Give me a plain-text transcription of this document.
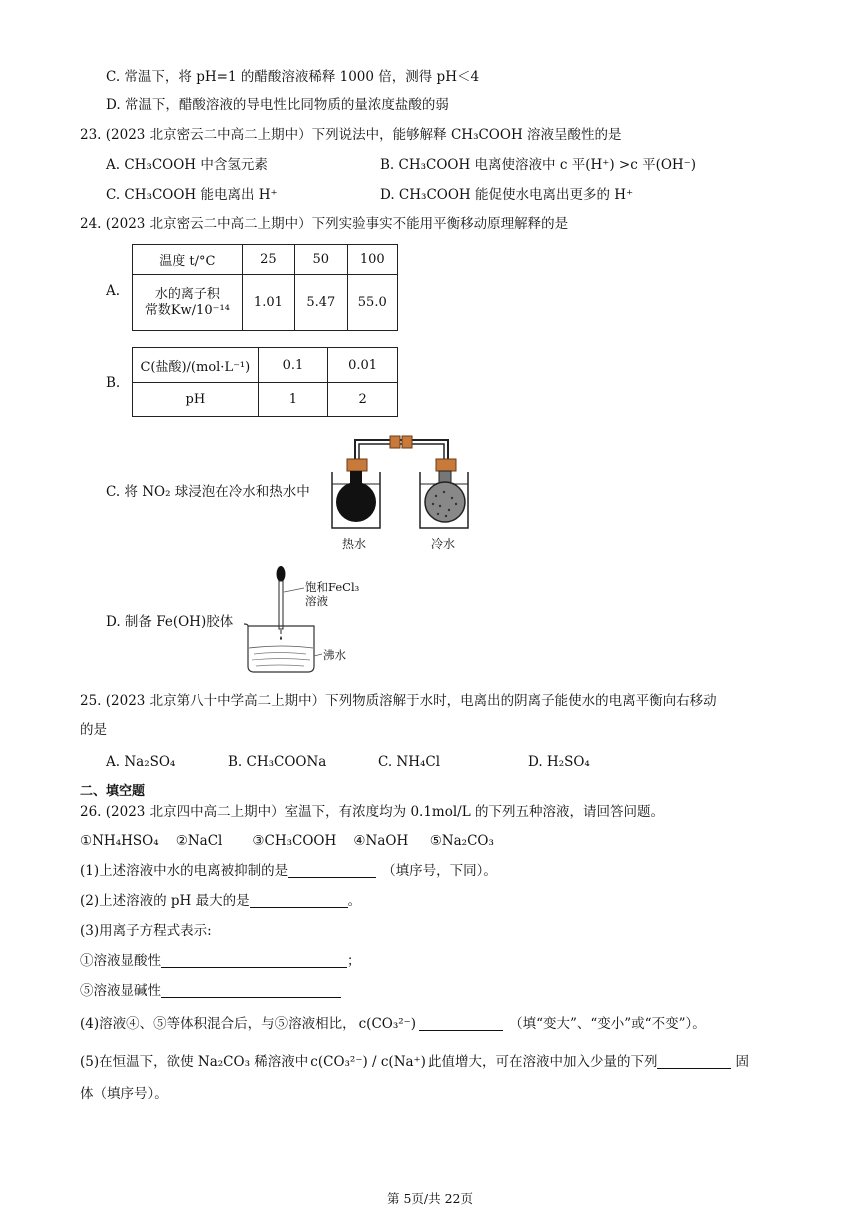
C. 常温下，将 pH=1 的醋酸溶液稀释 1000 倍，测得 pH＜4
D. 常温下，醋酸溶液的导电性比同物质的量浓度盐酸的弱
23. (2023 北京密云二中高二上期中）下列说法中，能够解释 CH₃COOH 溶液呈酸性的是
A. CH₃COOH 中含氢元素	B. CH₃COOH 电离使溶液中 c 平(H⁺) >c 平(OH⁻)
C. CH₃COOH 能电离出 H⁺	D. CH₃COOH 能促使水电离出更多的 H⁺
24. (2023 北京密云二中高二上期中）下列实验事实不能用平衡移动原理解释的是
A.
温度 t/°C	25	50	100

水的离子积
常数Kw/10⁻¹⁴	1.01	5.47	55.0
B.
C(盐酸)/(mol·L⁻¹)	0.1	0.01
pH	1	2
C. 将 NO₂ 球浸泡在冷水和热水中
热水	冷水
D. 制备 Fe(OH)胶体
饱和FeCl₃
溶液
沸水
25. (2023 北京第八十中学高二上期中）下列物质溶解于水时，电离出的阴离子能使水的电离平衡向右移动
的是
A. Na₂SO₄	B. CH₃COONa	C. NH₄Cl	D. H₂SO₄
二、填空题
26. (2023 北京四中高二上期中）室温下，有浓度均为 0.1mol/L 的下列五种溶液，请回答问题。
①NH₄HSO₄    ②NaCl       ③CH₃COOH    ④NaOH     ⑤Na₂CO₃
(1)上述溶液中水的电离被抑制的是	（填序号，下同）。
(2)上述溶液的 pH 最大的是	。
(3)用离子方程式表示:
①溶液显酸性	；
⑤溶液显碱性
(4)溶液④、⑤等体积混合后，与⑤溶液相比， c(CO₃²⁻)	（填“变大”、“变小”或“不变”）。
(5)在恒温下，欲使 Na₂CO₃ 稀溶液中 c(CO₃²⁻) / c(Na⁺) 此值增大，可在溶液中加入少量的下列	固
体（填序号）。
第 5页/共 22页
